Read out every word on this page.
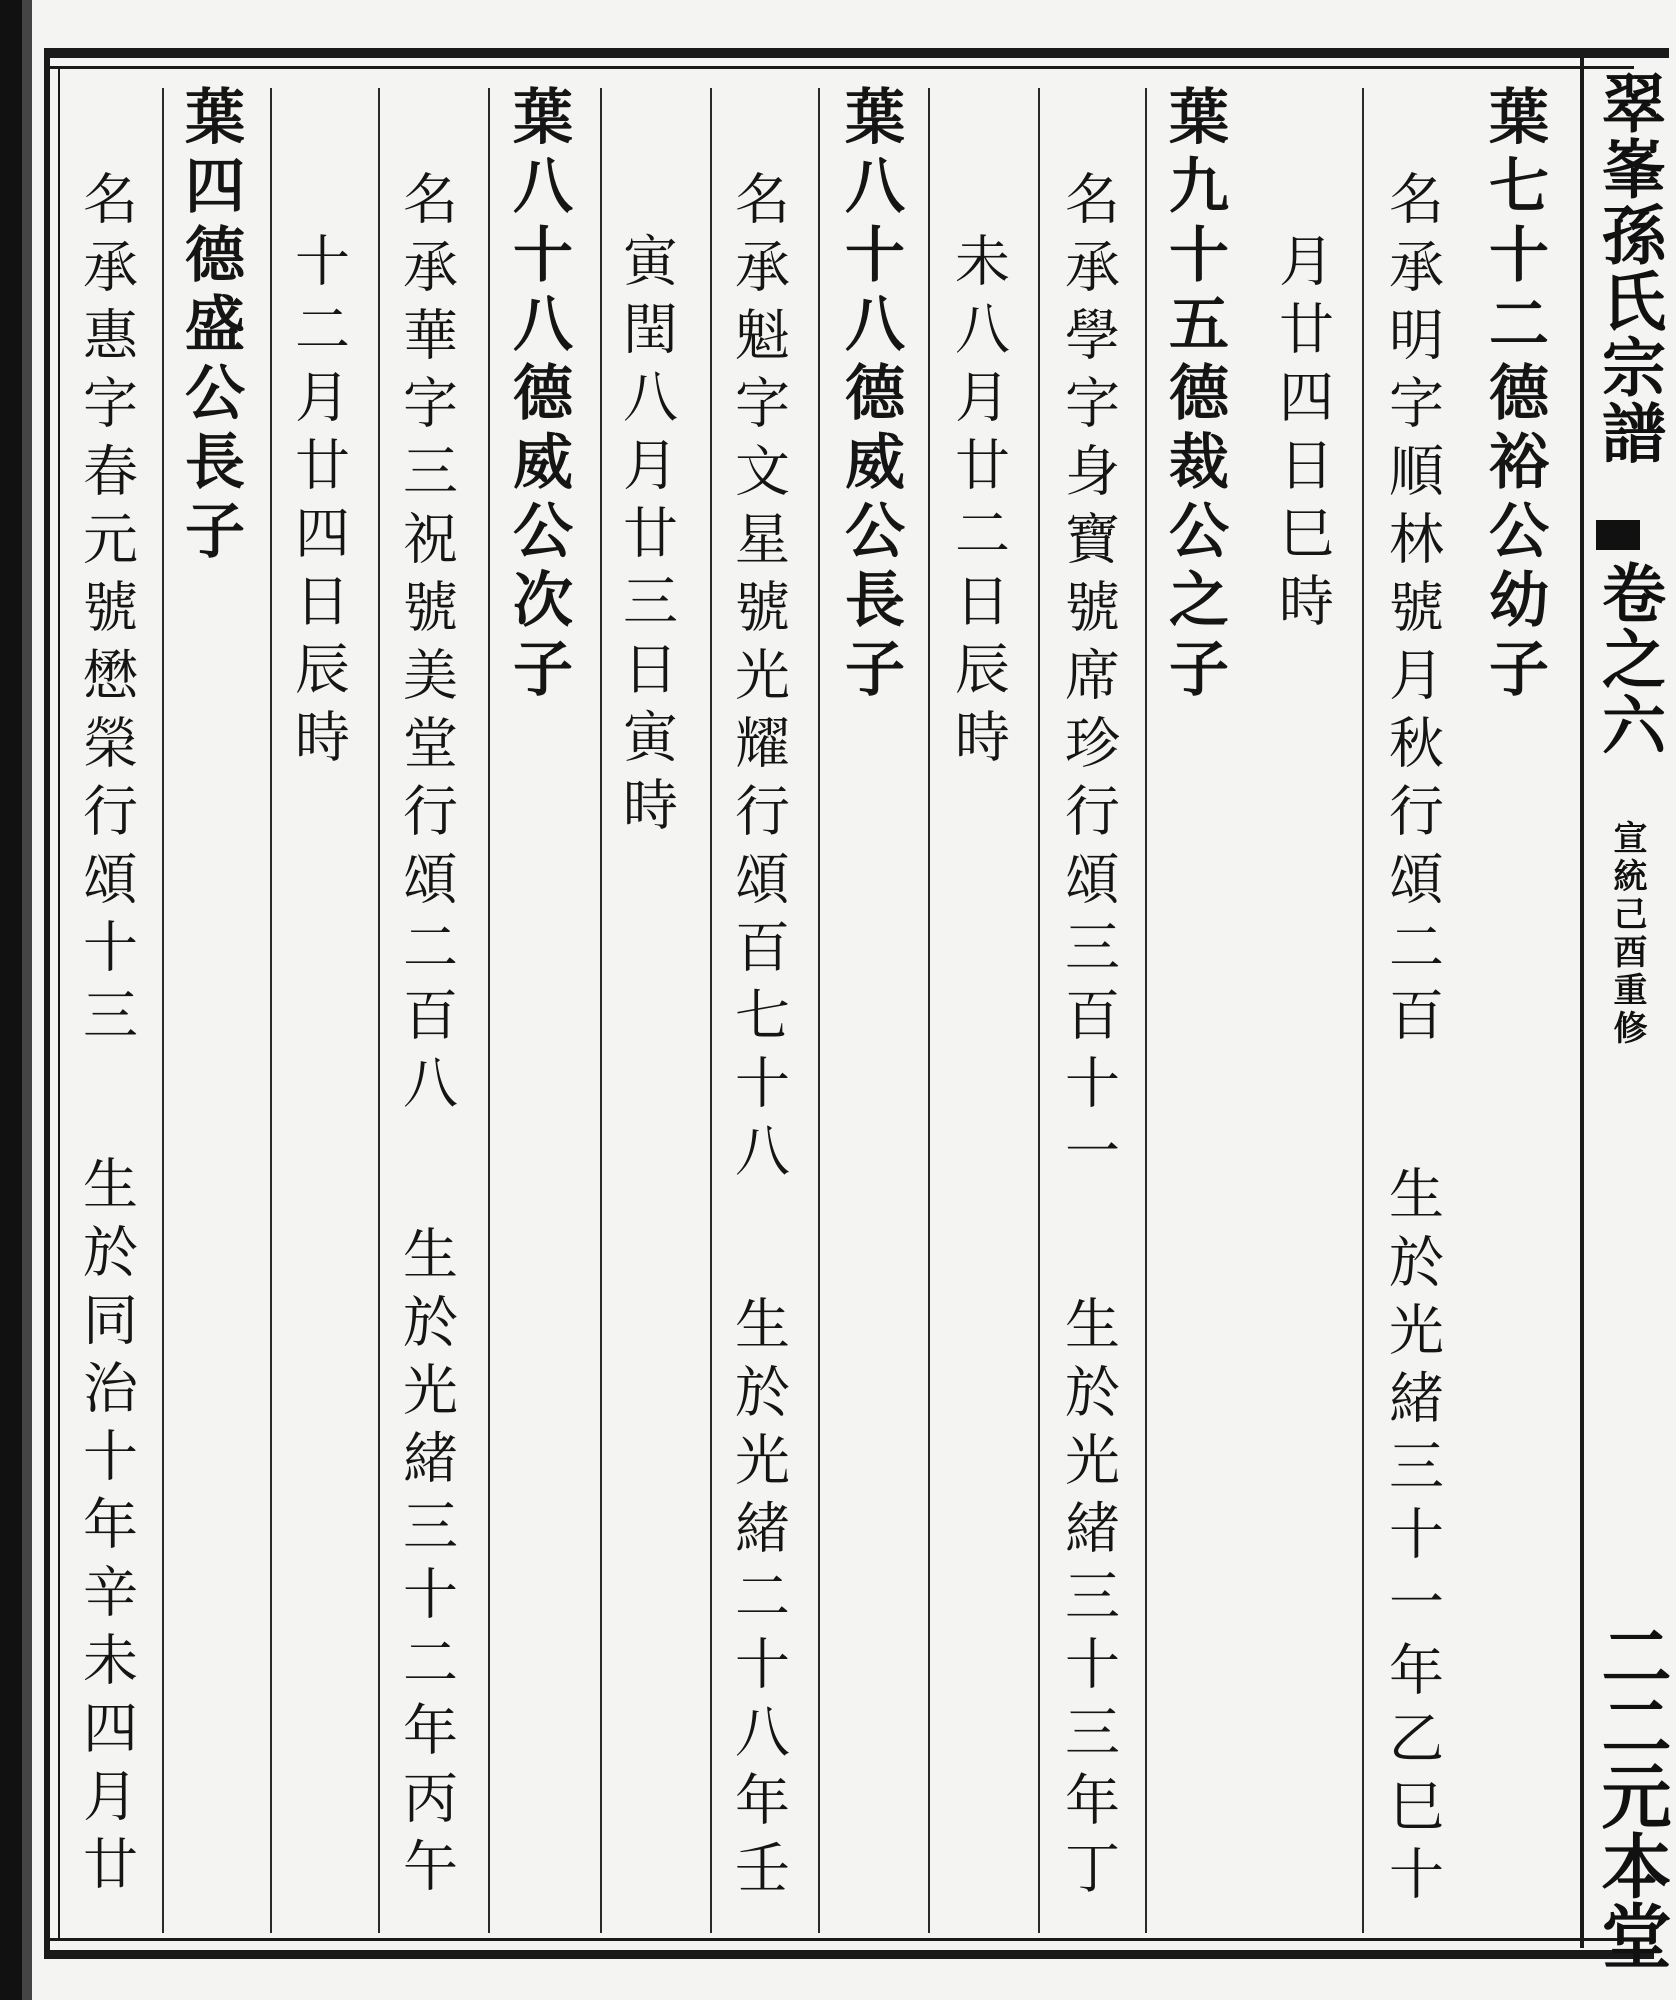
翠峯孫氏宗譜
卷之六
宣統己酉重修
二二元本堂
葉七十二德裕公幼子
名承明字順林號月秋行頌二百
生於光緒三十一年乙巳十
月廿四日巳時
葉九十五德裁公之子
名承學字身寶號席珍行頌三百十一
生於光緒三十三年丁
未八月廿二日辰時
葉八十八德威公長子
名承魁字文星號光耀行頌百七十八
生於光緒二十八年壬
寅閏八月廿三日寅時
葉八十八德威公次子
名承華字三祝號美堂行頌二百八
生於光緒三十二年丙午
十二月廿四日辰時
葉四德盛公長子
名承惠字春元號懋榮行頌十三
生於同治十年辛未四月廿
